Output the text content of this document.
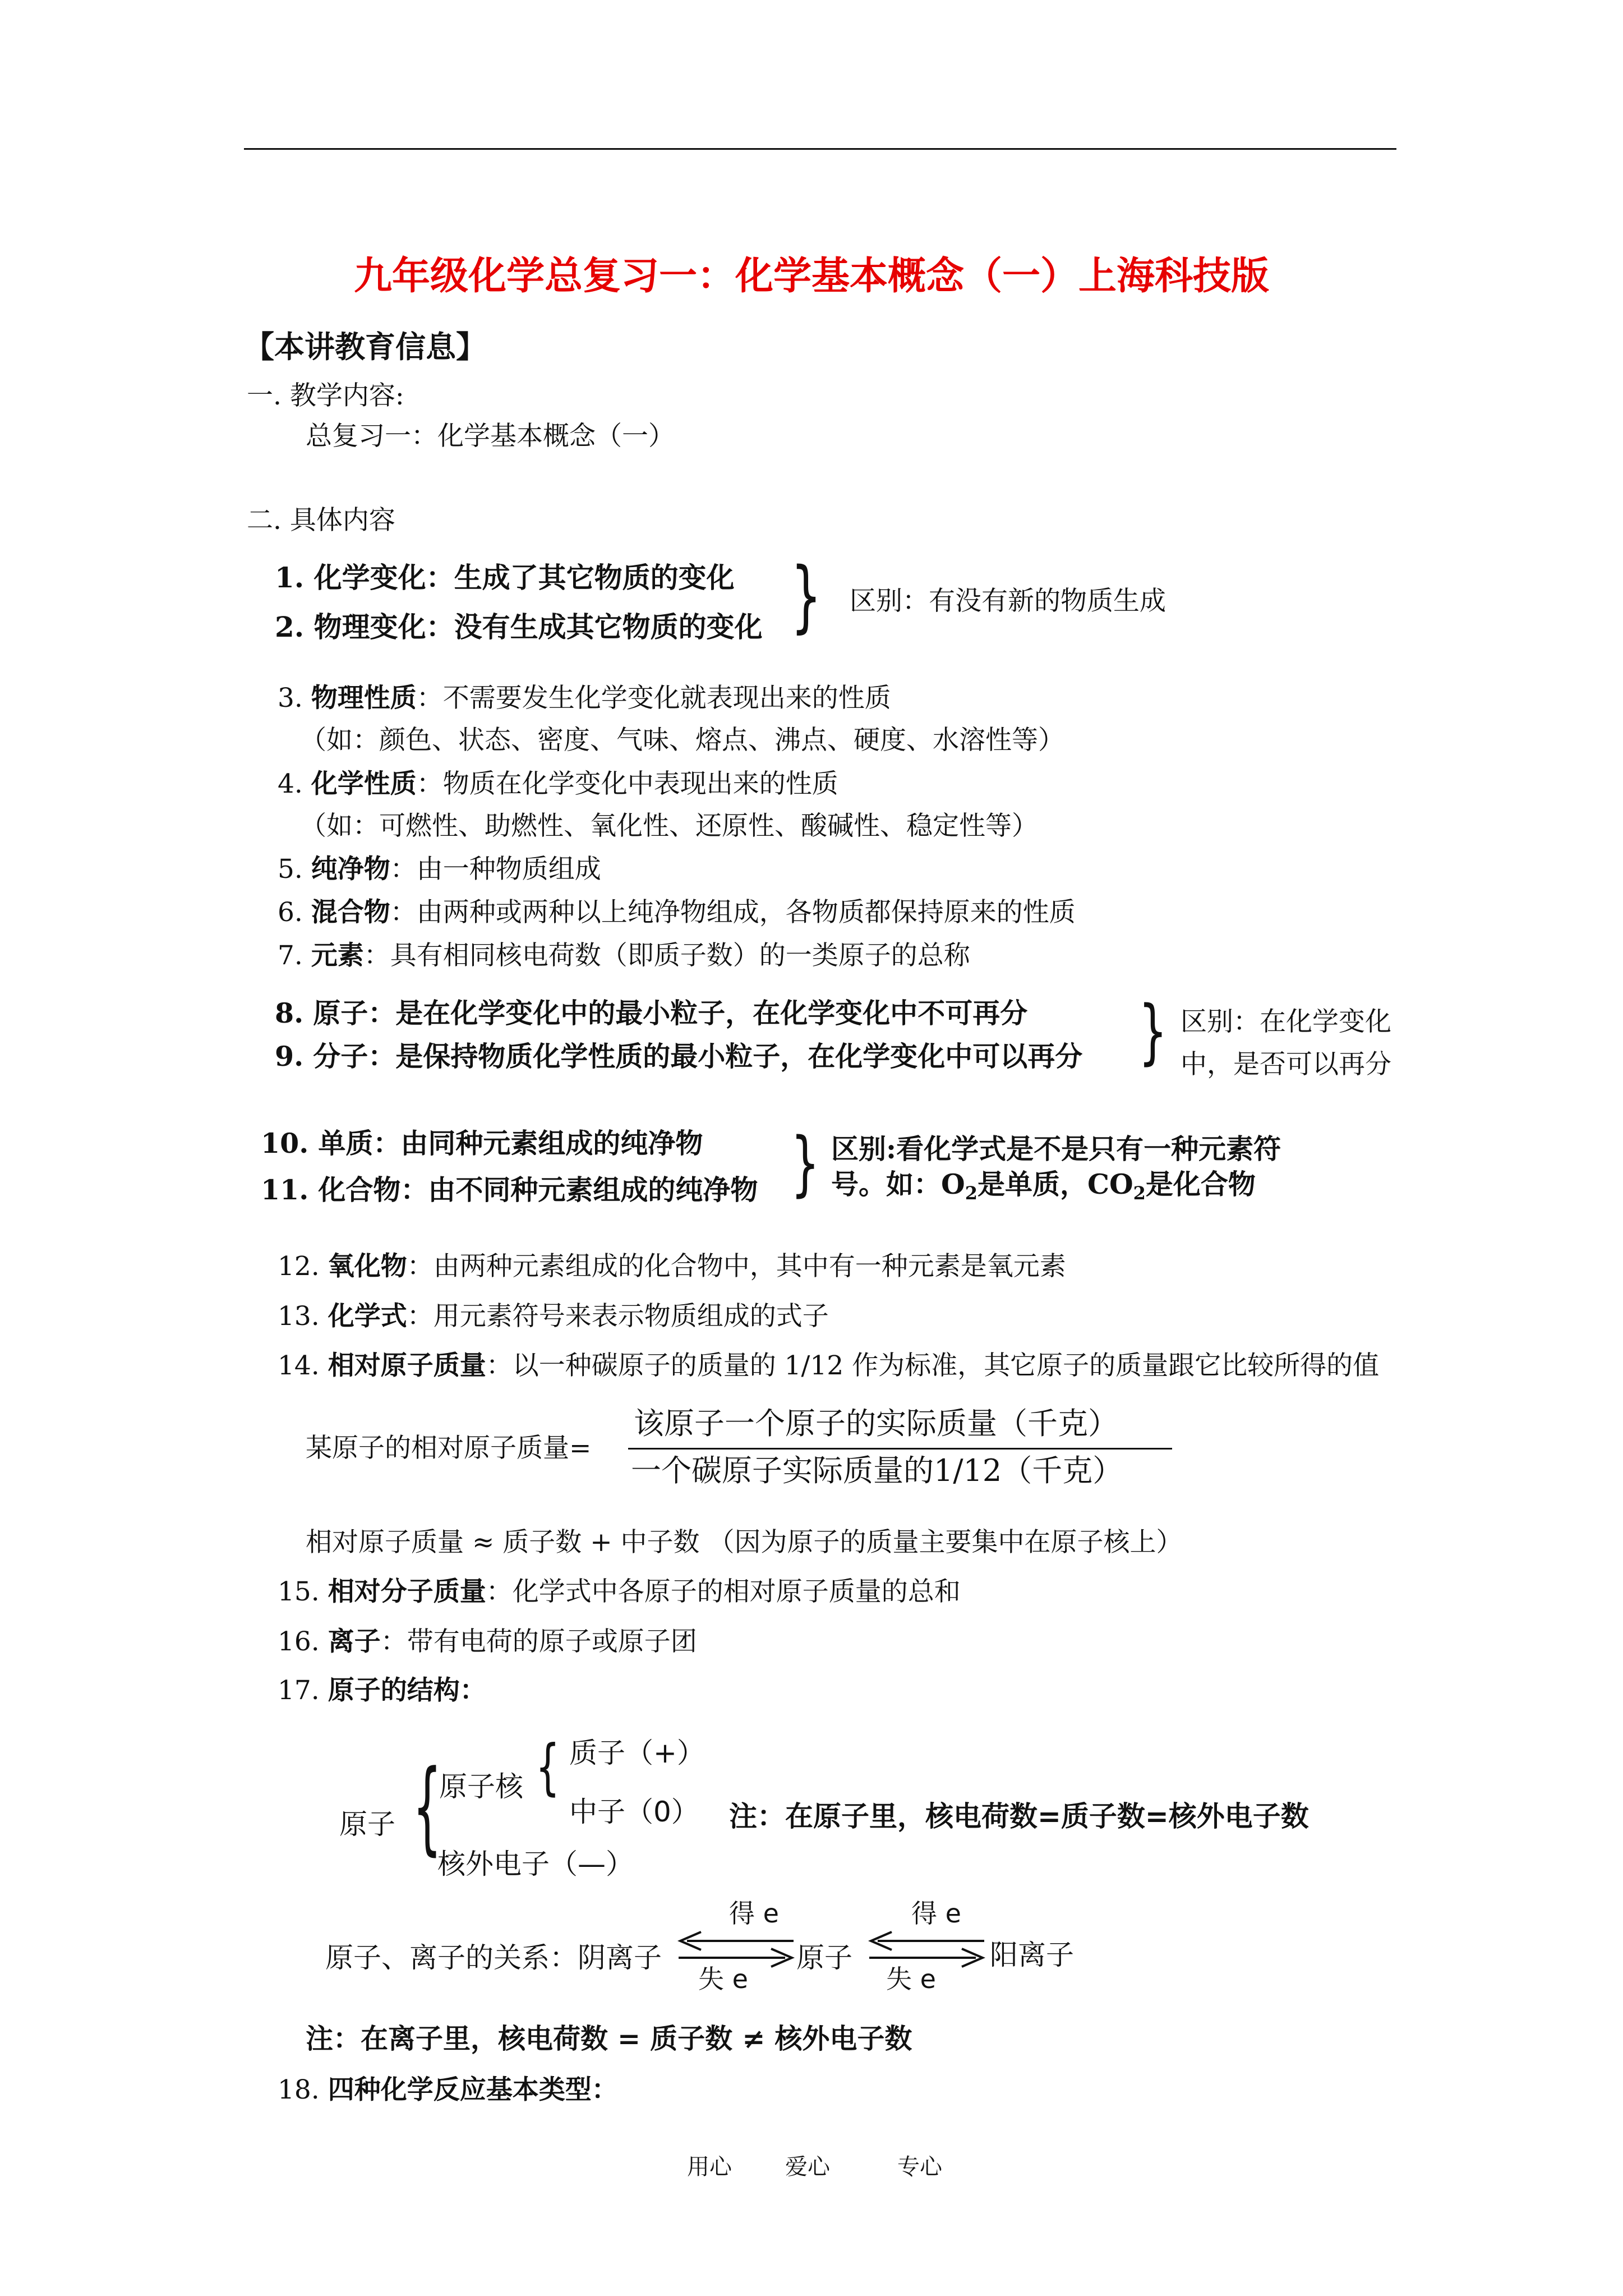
九年级化学总复习一：化学基本概念（一）上海科技版
【本讲教育信息】
一. 教学内容:
总复习一：化学基本概念（一）
二. 具体内容
1. 化学变化：生成了其它物质的变化
2. 物理变化：没有生成其它物质的变化 } 区别：有没有新的物质生成
3. 物理性质：不需要发生化学变化就表现出来的性质
（如：颜色、状态、密度、气味、熔点、沸点、硬度、水溶性等）
4. 化学性质：物质在化学变化中表现出来的性质
（如：可燃性、助燃性、氧化性、还原性、酸碱性、稳定性等）
5. 纯净物：由一种物质组成
6. 混合物：由两种或两种以上纯净物组成，各物质都保持原来的性质
7. 元素：具有相同核电荷数（即质子数）的一类原子的总称
8. 原子：是在化学变化中的最小粒子，在化学变化中不可再分
9. 分子：是保持物质化学性质的最小粒子，在化学变化中可以再分 } 区别：在化学变化
中，是否可以再分
10. 单质：由同种元素组成的纯净物
11. 化合物：由不同种元素组成的纯净物 } 区别:看化学式是不是只有一种元素符
号。如：$O_2$是单质，$CO_2$是化合物
12. 氧化物：由两种元素组成的化合物中，其中有一种元素是氧元素
13. 化学式：用元素符号来表示物质组成的式子
14. 相对原子质量：以一种碳原子的质量的 1/12 作为标准，其它原子的质量跟它比较所得的值
某原子的相对原子质量=
该原子一个原子的实际质量（千克）
一个碳原子实际质量的1/12（千克）
相对原子质量 ≈ 质子数 + 中子数 （因为原子的质量主要集中在原子核上）
15. 相对分子质量：化学式中各原子的相对原子质量的总和
16. 离子：带有电荷的原子或原子团
17. 原子的结构：
原子 {
原子核 { 质子（+）
中子（0）
核外电子（—）
注：在原子里，核电荷数=质子数=核外电子数
原子、离子的关系：阴离子
得 e
失 e
原子
得 e
失 e
阳离子
注：在离子里，核电荷数 = 质子数 ≠ 核外电子数
18. 四种化学反应基本类型：
用心 爱心	专心
